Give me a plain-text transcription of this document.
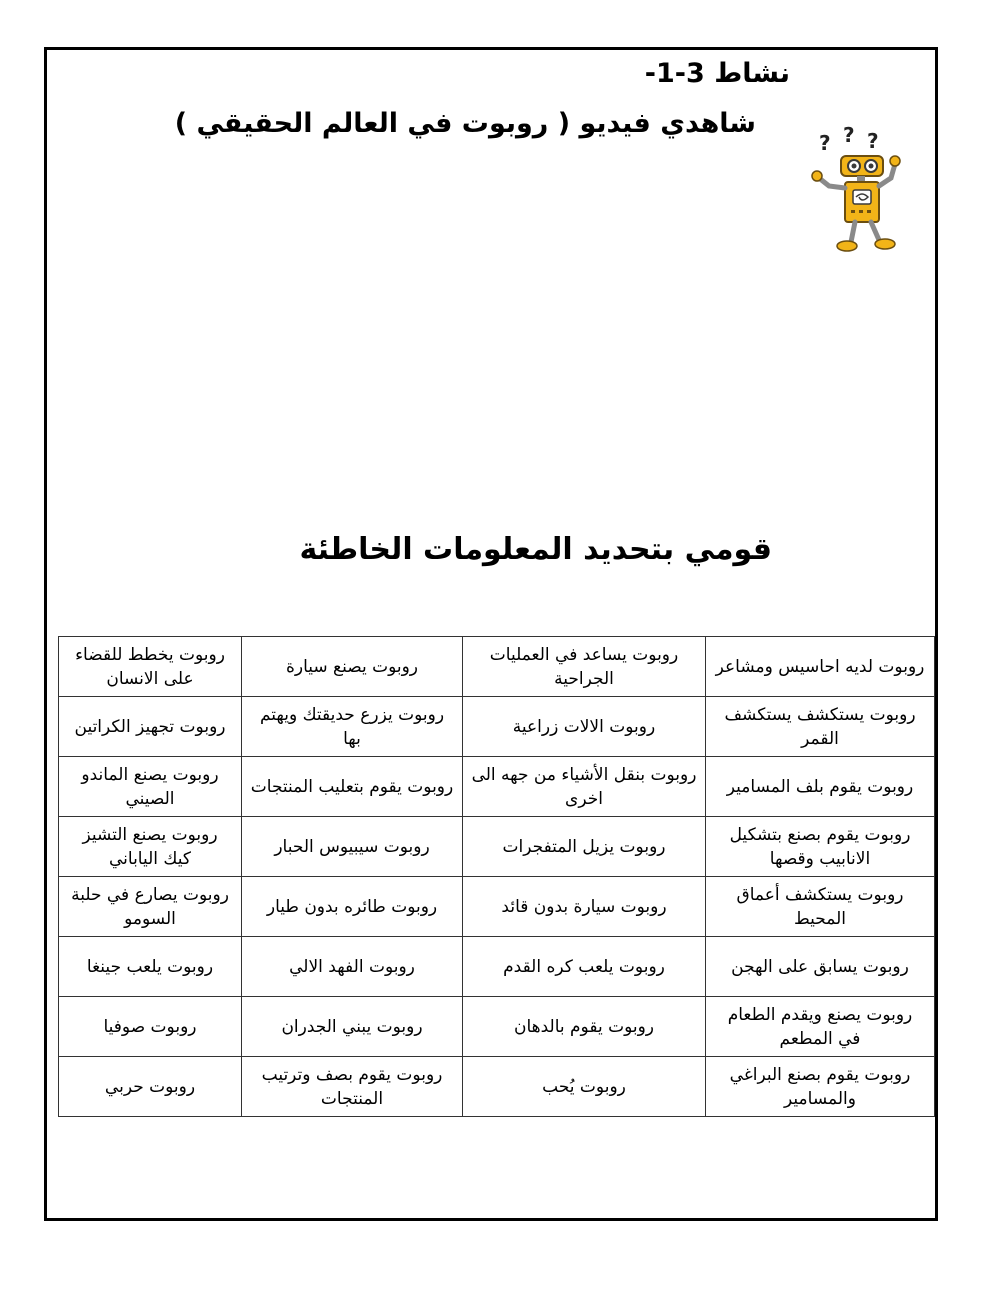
نشاط 3-1-
شاهدي فيديو ( روبوت في العالم الحقيقي )
? ? ?
قومي بتحديد المعلومات الخاطئة
روبوت لديه احاسيس ومشاعر	روبوت يساعد في العمليات الجراحية	روبوت يصنع سيارة	روبوت يخطط للقضاء على الانسان
روبوت يستكشف يستكشف القمر	روبوت الالات زراعية	روبوت يزرع حديقتك ويهتم بها	روبوت تجهيز الكراتين
روبوت يقوم بلف المسامير	روبوت بنقل الأشياء من جهه الى اخرى	روبوت يقوم بتعليب المنتجات	روبوت يصنع الماندو الصيني
روبوت يقوم بصنع بتشكيل الانابيب وقصها	روبوت يزيل المتفجرات	روبوت سيبيوس الحبار	روبوت يصنع التشيز كيك الياباني
روبوت يستكشف أعماق المحيط	روبوت سيارة بدون قائد	روبوت طائره بدون طيار	روبوت يصارع في حلبة السومو
روبوت يسابق على الهجن	روبوت يلعب كره القدم	روبوت الفهد الالي	روبوت يلعب جينغا
روبوت يصنع ويقدم الطعام في المطعم	روبوت يقوم بالدهان	روبوت يبني الجدران	روبوت صوفيا
روبوت يقوم بصنع البراغي والمسامير	روبوت يُحب	روبوت يقوم بصف وترتيب المنتجات	روبوت حربي
